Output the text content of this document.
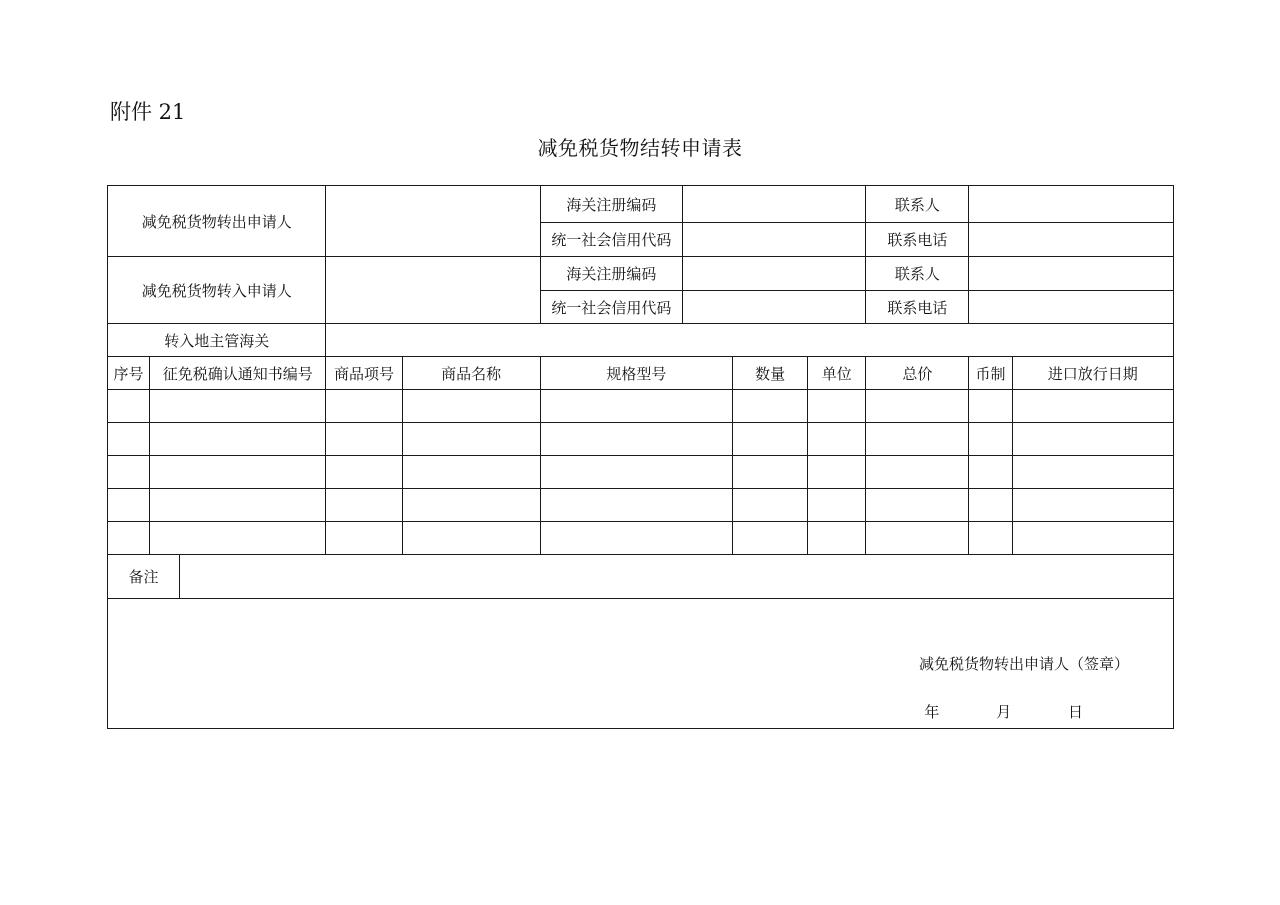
附件 21
减免税货物结转申请表
减免税货物转出申请人					海关注册编码				联系人		
					统一社会信用代码				联系电话		
减免税货物转入申请人					海关注册编码				联系人		
					统一社会信用代码				联系电话		
转入地主管海关											
序号	征免税确认通知书编号		商品项号	商品名称	规格型号		数量	单位	总价	币制	进口放行日期

备注											

减免税货物转出申请人（签章）
年 月 日											
